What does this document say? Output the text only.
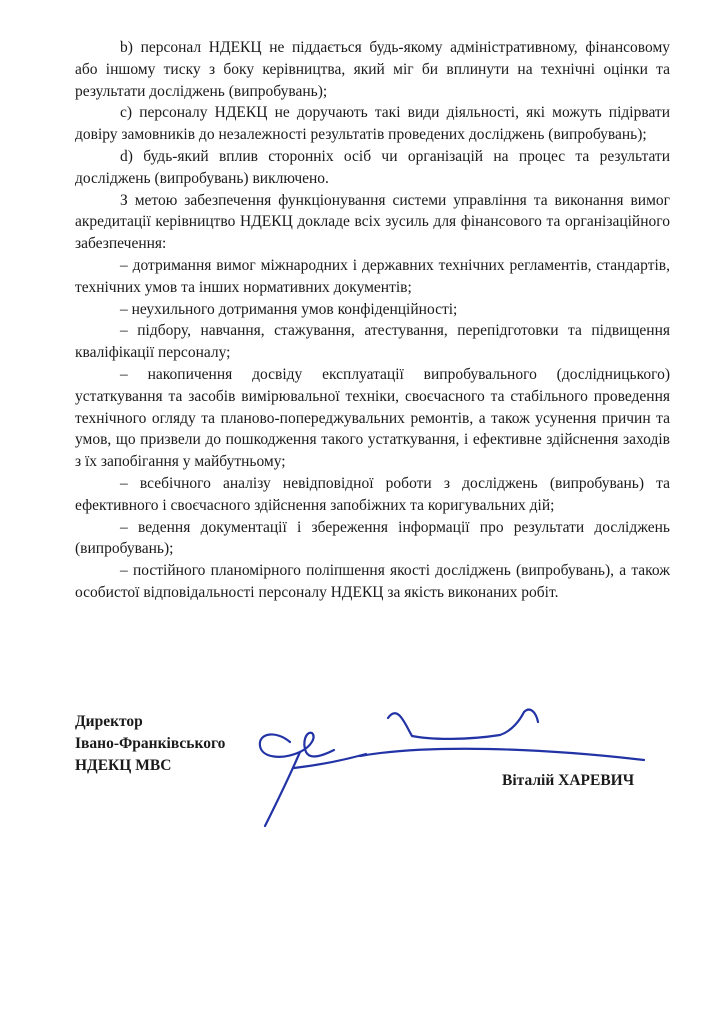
b) персонал НДЕКЦ не піддається будь-якому адміністративному, фінансовому або іншому тиску з боку керівництва, який міг би вплинути на технічні оцінки та результати досліджень (випробувань);

c) персоналу НДЕКЦ не доручають такі види діяльності, які можуть підірвати довіру замовників до незалежності результатів проведених досліджень (випробувань);

d) будь-який вплив сторонніх осіб чи організацій на процес та результати досліджень (випробувань) виключено.

З метою забезпечення функціонування системи управління та виконання вимог акредитації керівництво НДЕКЦ докладе всіх зусиль для фінансового та організаційного забезпечення:

– дотримання вимог міжнародних і державних технічних регламентів, стандартів, технічних умов та інших нормативних документів;

– неухильного дотримання умов конфіденційності;

– підбору, навчання, стажування, атестування, перепідготовки та підвищення кваліфікації персоналу;

– накопичення досвіду експлуатації випробувального (дослідницького) устаткування та засобів вимірювальної техніки, своєчасного та стабільного проведення технічного огляду та планово-попереджувальних ремонтів, а також усунення причин та умов, що призвели до пошкодження такого устаткування, і ефективне здійснення заходів з їх запобігання у майбутньому;

– всебічного аналізу невідповідної роботи з досліджень (випробувань) та ефективного і своєчасного здійснення запобіжних та коригувальних дій;

– ведення документації і збереження інформації про результати досліджень (випробувань);

– постійного планомірного поліпшення якості досліджень (випробувань), а також особистої відповідальності персоналу НДЕКЦ за якість виконаних робіт.

Директор
Івано-Франківського
НДЕКЦ МВС
Віталій ХАРЕВИЧ
